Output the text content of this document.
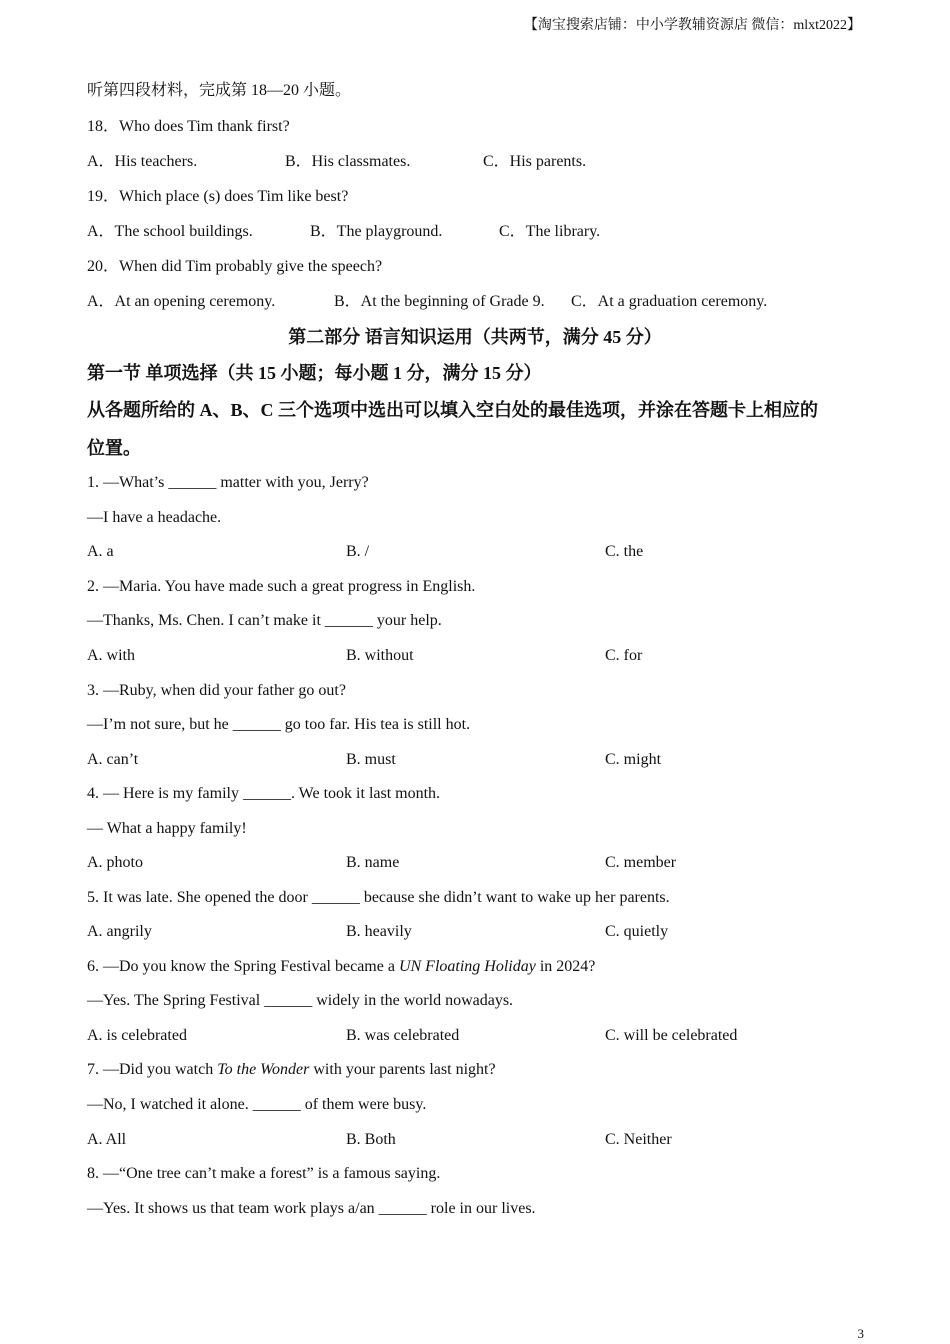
【淘宝搜索店铺：中小学教辅资源店 微信：mlxt2022】
听第四段材料，完成第 18—20 小题。
18．Who does Tim thank first?
A．His teachers.	B．His classmates.	C．His parents.
19．Which place (s) does Tim like best?
A．The school buildings.	B．The playground.	C．The library.
20．When did Tim probably give the speech?
A．At an opening ceremony.	B．At the beginning of Grade 9. C．At a graduation ceremony.
第二部分 语言知识运用（共两节，满分 45 分）
第一节 单项选择（共 15 小题；每小题 1 分，满分 15 分）
从各题所给的 A、B、C 三个选项中选出可以填入空白处的最佳选项，并涂在答题卡上相应的
位置。
1. —What’s ______ matter with you, Jerry?
—I have a headache.
A. a	B. /	C. the
2. —Maria. You have made such a great progress in English.
—Thanks, Ms. Chen. I can’t make it ______ your help.
A. with	B. without	C. for
3. —Ruby, when did your father go out?
—I’m not sure, but he ______ go too far. His tea is still hot.
A. can’t	B. must	C. might
4. — Here is my family ______. We took it last month.
— What a happy family!
A. photo	B. name	C. member
5. It was late. She opened the door ______ because she didn’t want to wake up her parents.
A. angrily	B. heavily	C. quietly
6. —Do you know the Spring Festival became a UN Floating Holiday in 2024?
—Yes. The Spring Festival ______ widely in the world nowadays.
A. is celebrated	B. was celebrated	C. will be celebrated
7. —Did you watch To the Wonder with your parents last night?
—No, I watched it alone. ______ of them were busy.
A. All	B. Both	C. Neither
8. —“One tree can’t make a forest” is a famous saying.
—Yes. It shows us that team work plays a/an ______ role in our lives.
3
